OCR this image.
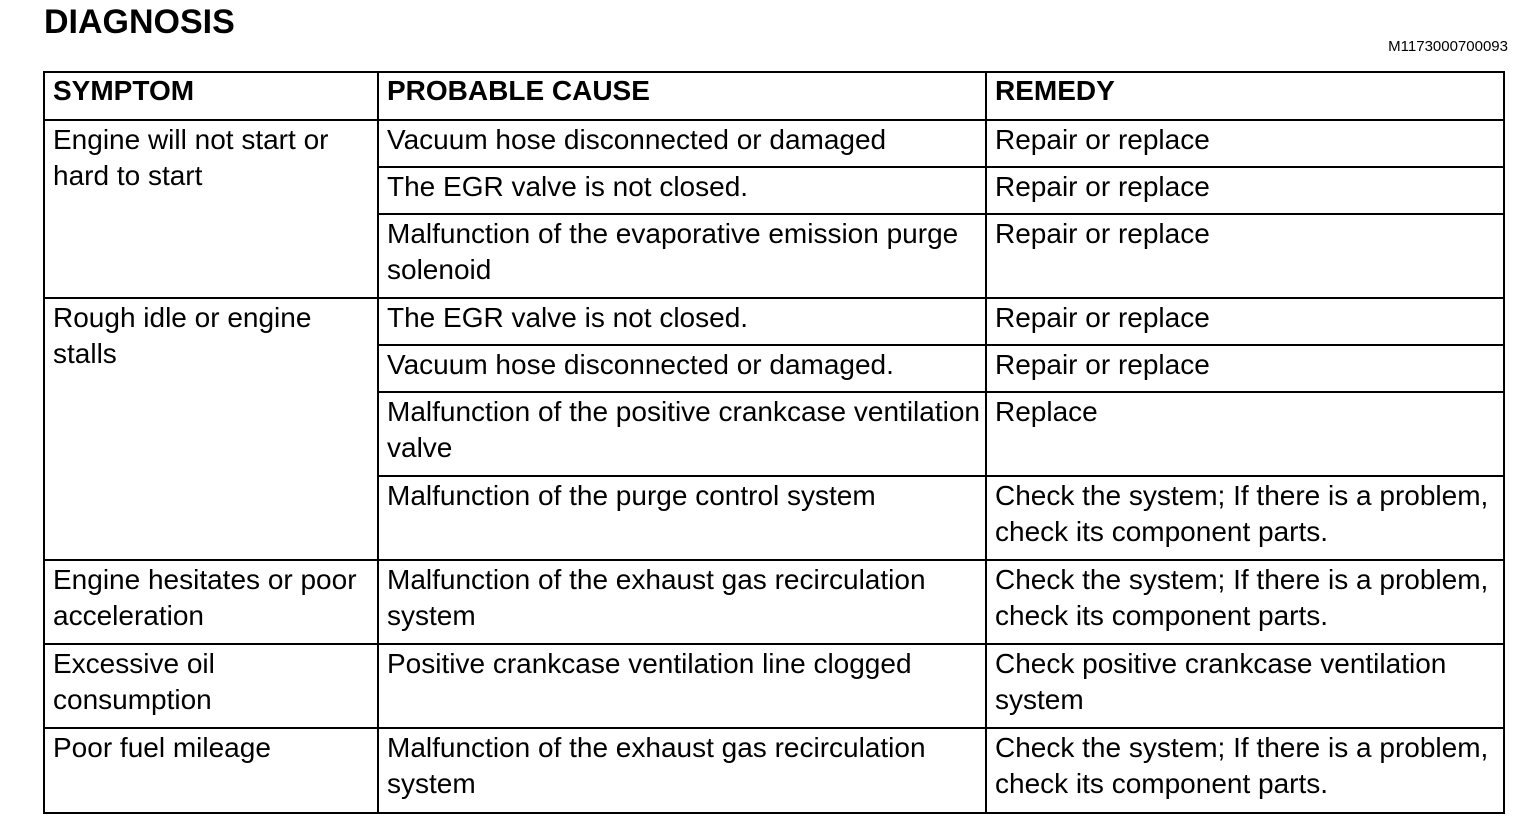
DIAGNOSIS
M1173000700093
SYMPTOM	PROBABLE CAUSE	REMEDY
Engine will not start or hard to start	Vacuum hose disconnected or damaged	Repair or replace
	The EGR valve is not closed.	Repair or replace
	Malfunction of the evaporative emission purge solenoid	Repair or replace
Rough idle or engine stalls	The EGR valve is not closed.	Repair or replace
	Vacuum hose disconnected or damaged.	Repair or replace
	Malfunction of the positive crankcase ventilation valve	Replace
	Malfunction of the purge control system	Check the system; If there is a problem, check its component parts.
Engine hesitates or poor acceleration	Malfunction of the exhaust gas recirculation system	Check the system; If there is a problem, check its component parts.
Excessive oil consumption	Positive crankcase ventilation line clogged	Check positive crankcase ventilation system
Poor fuel mileage	Malfunction of the exhaust gas recirculation system	Check the system; If there is a problem, check its component parts.
